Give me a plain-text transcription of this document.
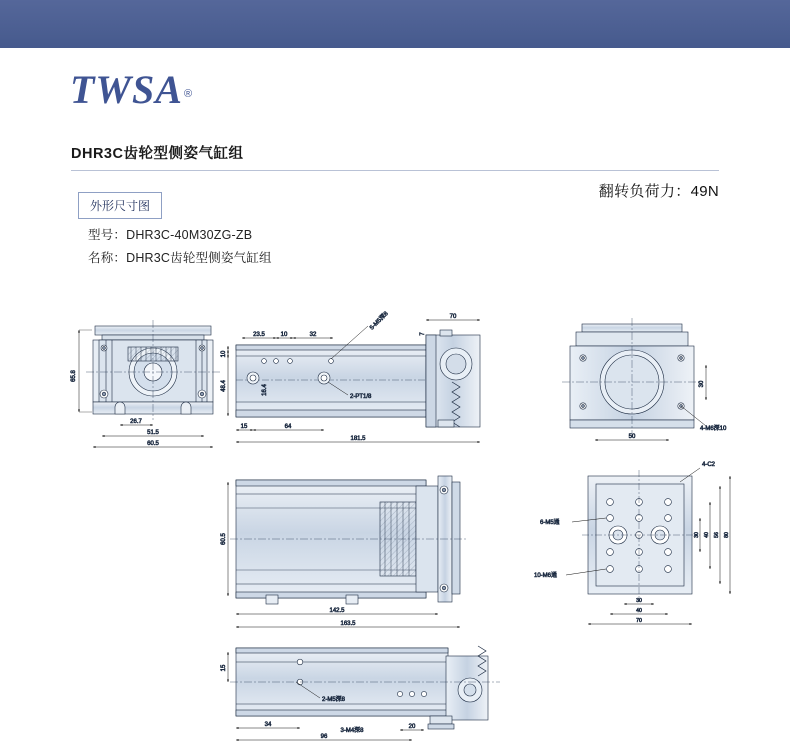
TWSA®
DHR3C齿轮型侧姿气缸组
翻转负荷力：49N
外形尺寸图
型号：DHR3C-40M30ZG-ZB
名称：DHR3C齿轮型侧姿气缸组
65.8
26.7
51.5
60.5
23.5	10	32
5-M5深8
2-PT1/8
10
48.4	16.4
15	64
181.5
70
7
30
50
4-M6深10
60.5
142.5
163.5
4-C2
6-M5通
10-M6通
30 40 56 80
30
40
70
15
2-M5深8
34
96
20
3-M4深8
